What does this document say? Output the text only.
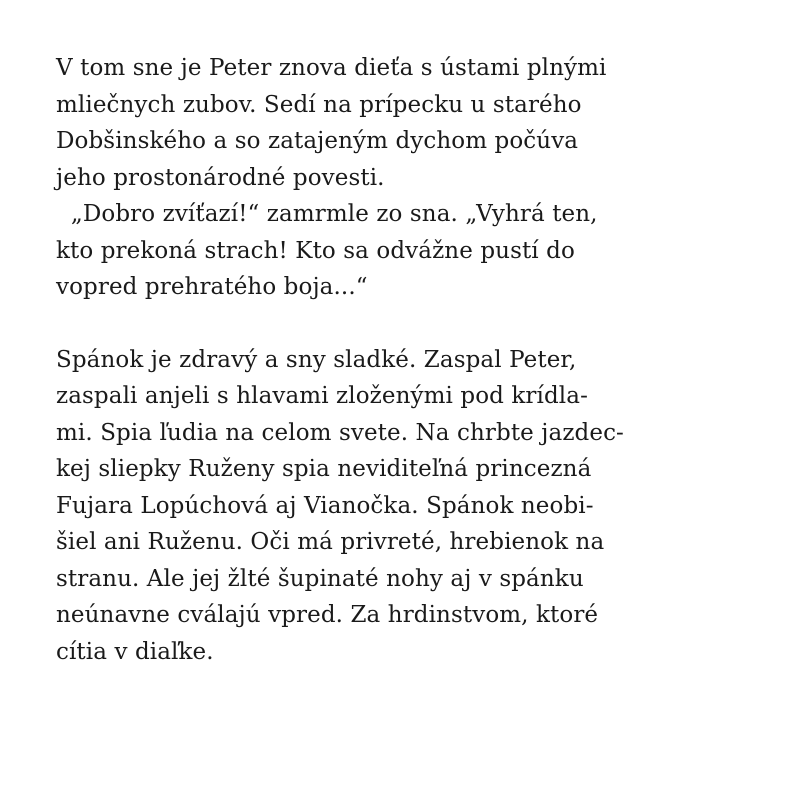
V tom sne je Peter znova dieťa s ústami plnými
mliečnych zubov. Sedí na prípecku u starého
Dobšinského a so zatajeným dychom počúva
jeho prostonárodné povesti.
„Dobro zvíťazí!“ zamrmle zo sna. „Vyhrá ten,
kto prekoná strach! Kto sa odvážne pustí do
vopred prehratého boja...“
Spánok je zdravý a sny sladké. Zaspal Peter,
zaspali anjeli s hlavami zloženými pod krídla-
mi. Spia ľudia na celom svete. Na chrbte jazdec-
kej sliepky Ruženy spia neviditeľná princezná
Fujara Lopúchová aj Vianočka. Spánok neobi-
šiel ani Ruženu. Oči má privreté, hrebienok na
stranu. Ale jej žlté šupinaté nohy aj v spánku
neúnavne cválajú vpred. Za hrdinstvom, ktoré
cítia v diaľke.
